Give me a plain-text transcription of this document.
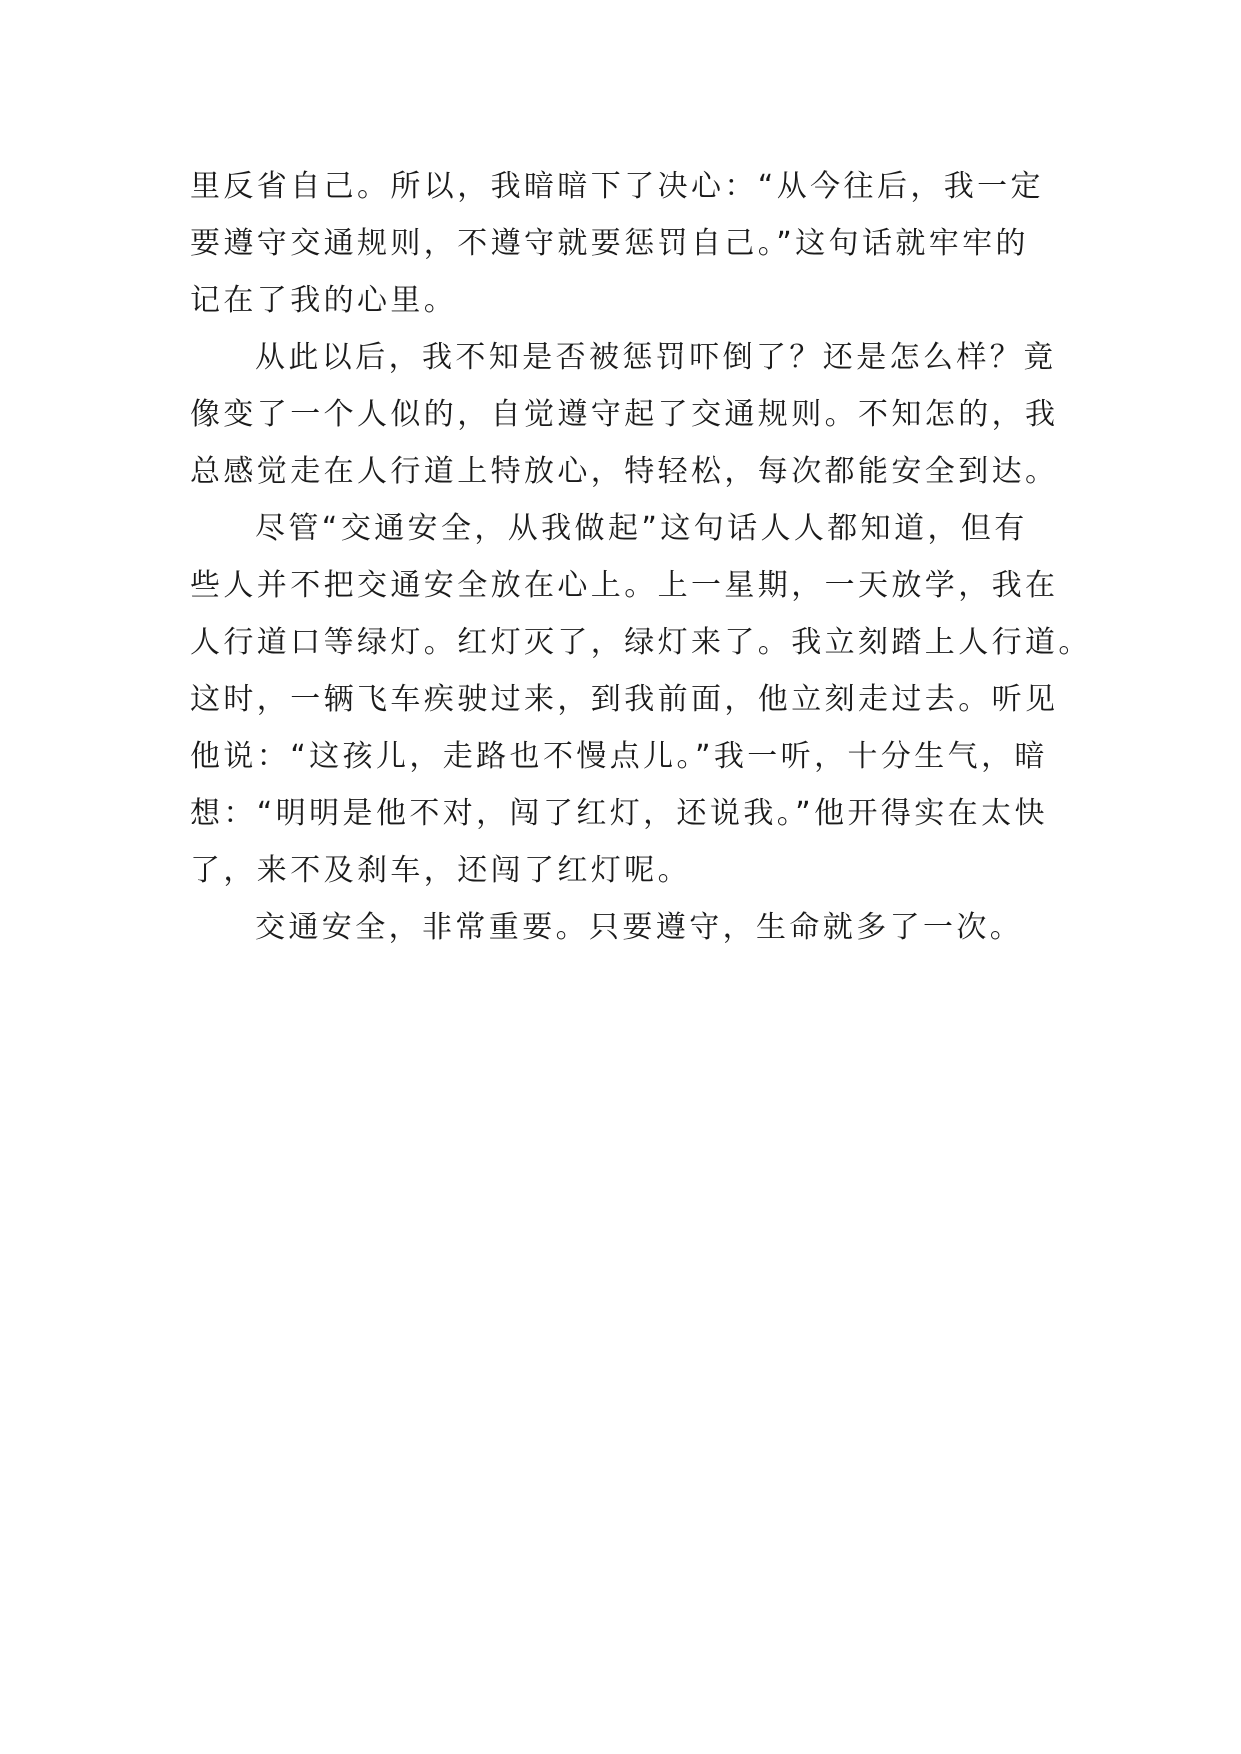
里反省自己。所以，我暗暗下了决心：“从今往后，我一定
要遵守交通规则，不遵守就要惩罚自己。”这句话就牢牢的
记在了我的心里。
从此以后，我不知是否被惩罚吓倒了？还是怎么样？竟
像变了一个人似的，自觉遵守起了交通规则。不知怎的，我
总感觉走在人行道上特放心，特轻松，每次都能安全到达。
尽管“交通安全，从我做起”这句话人人都知道，但有
些人并不把交通安全放在心上。上一星期，一天放学，我在
人行道口等绿灯。红灯灭了，绿灯来了。我立刻踏上人行道。
这时，一辆飞车疾驶过来，到我前面，他立刻走过去。听见
他说：“这孩儿，走路也不慢点儿。”我一听，十分生气，暗
想：“明明是他不对，闯了红灯，还说我。”他开得实在太快
了，来不及刹车，还闯了红灯呢。
交通安全，非常重要。只要遵守，生命就多了一次。
